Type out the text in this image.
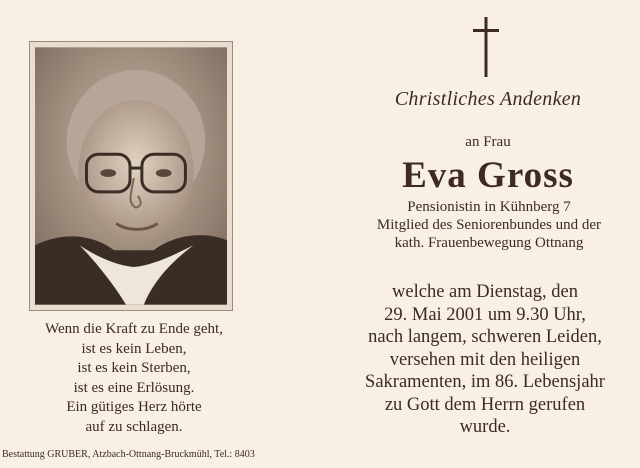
Wenn die Kraft zu Ende geht,
ist es kein Leben,
ist es kein Sterben,
ist es eine Erlösung.
Ein gütiges Herz hörte
auf zu schlagen.
Bestattung GRUBER, Atzbach-Ottnang-Bruckmühl, Tel.: 8403
Christliches Andenken
an Frau
Eva Gross
Pensionistin in Kühnberg 7
Mitglied des Seniorenbundes und der
kath. Frauenbewegung Ottnang
welche am Dienstag, den
29. Mai 2001 um 9.30 Uhr,
nach langem, schweren Leiden,
versehen mit den heiligen
Sakramenten, im 86. Lebensjahr
zu Gott dem Herrn gerufen
wurde.
